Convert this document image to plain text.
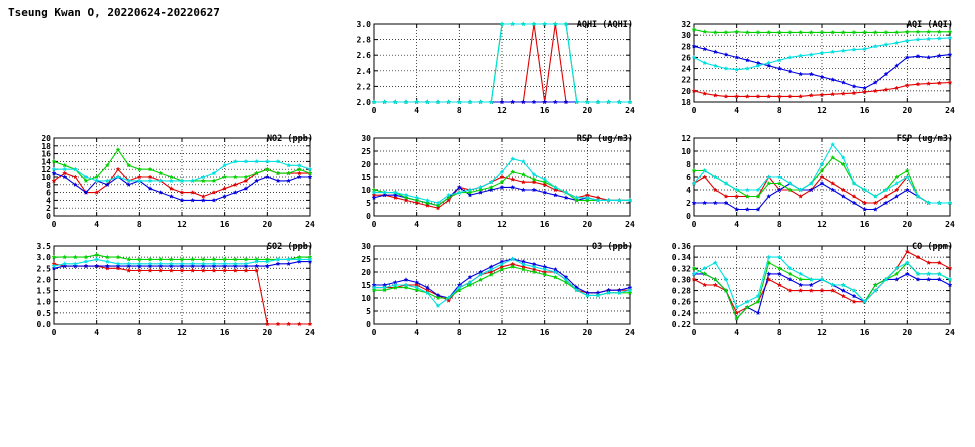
Tseung Kwan O, 20220624-20220627
2.0
2.2
2.4
2.6
2.8
3.0
0	4	8	12	16	20	24
AQHI (AQHI)
18
20
22
24
26
28
30
32
0	4	8	12	16	20	24
AQI (AQI)
0
2
4
6
8
10
12
14
16
18
20
0	4	8	12	16	20	24
NO2 (ppb)
0
5
10
15
20
25
30
0	4	8	12	16	20	24
RSP (ug/m3)
0
2
4
6
8
10
12
0	4	8	12	16	20	24
FSP (ug/m3)
0.0
0.5
1.0
1.5
2.0
2.5
3.0
3.5
0	4	8	12	16	20	24
SO2 (ppb)
0
5
10
15
20
25
30
0	4	8	12	16	20	24
O3 (ppb)
0.22
0.24
0.26
0.28
0.30
0.32
0.34
0.36
0	4	8	12	16	20	24
CO (ppm)
